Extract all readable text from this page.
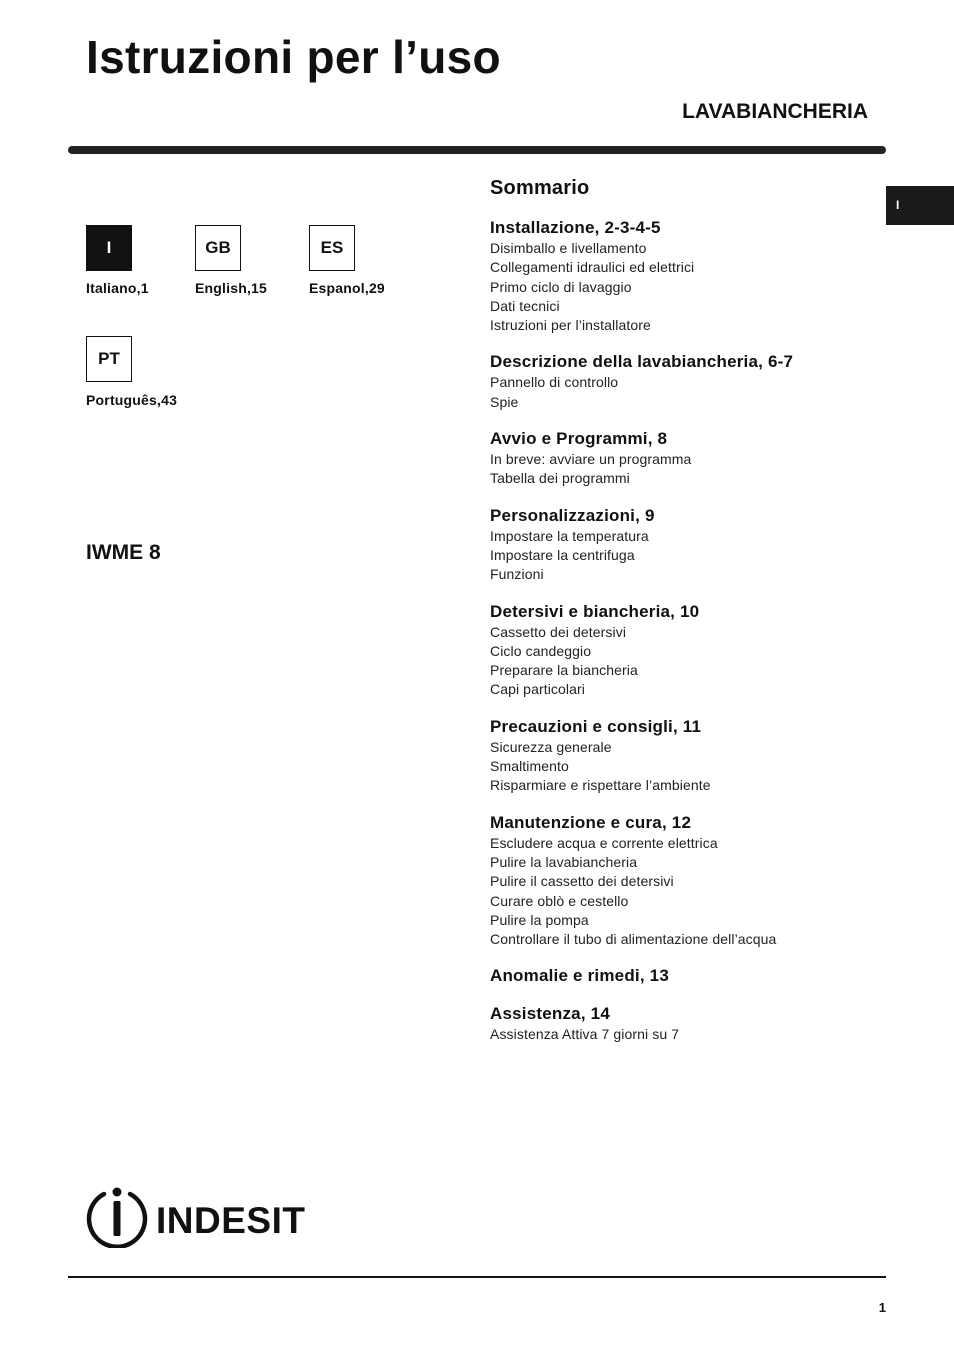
Istruzioni per l’uso
LAVABIANCHERIA
I
I
Italiano,1
GB
English,15
ES
Espanol,29
PT
Português,43
IWME 8
Sommario
Installazione, 2-3-4-5
Disimballo e livellamento
Collegamenti idraulici ed elettrici
Primo ciclo di lavaggio
Dati tecnici
Istruzioni per l’installatore
Descrizione della lavabiancheria, 6-7
Pannello di controllo
Spie
Avvio e Programmi, 8
In breve: avviare un programma
Tabella dei programmi
Personalizzazioni, 9
Impostare la temperatura
Impostare la centrifuga
Funzioni
Detersivi e biancheria, 10
Cassetto dei detersivi
Ciclo candeggio
Preparare la biancheria
Capi particolari
Precauzioni e consigli, 11
Sicurezza generale
Smaltimento
Risparmiare e rispettare l’ambiente
Manutenzione e cura, 12
Escludere acqua e corrente elettrica
Pulire la lavabiancheria
Pulire il cassetto dei detersivi
Curare oblò e cestello
Pulire la pompa
Controllare il tubo di alimentazione dell’acqua
Anomalie e rimedi, 13
Assistenza, 14
Assistenza Attiva 7 giorni su 7
INDESIT
1
